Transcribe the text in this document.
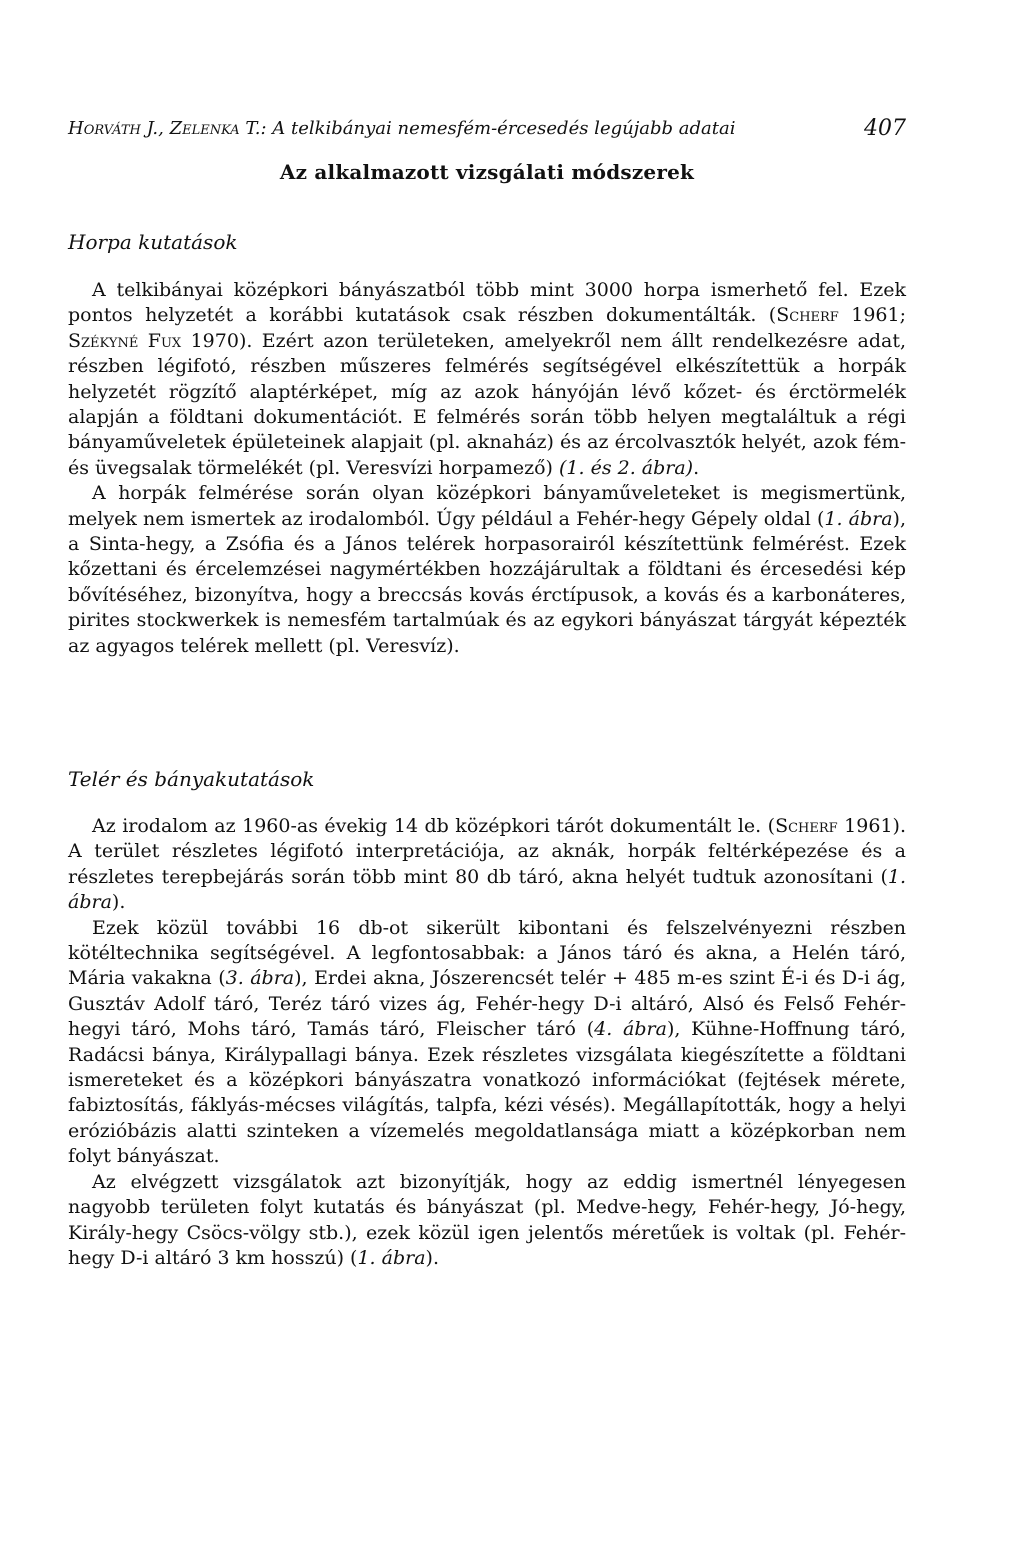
Horváth J., Zelenka T.: A telkibányai nemesfém-ércesedés legújabb adatai	407
Az alkalmazott vizsgálati módszerek
Horpa kutatások

A telkibányai középkori bányászatból több mint 3000 horpa ismerhető fel. Ezek pontos helyzetét a korábbi kutatások csak részben dokumentálták. (Scherf 1961; Székyné Fux 1970). Ezért azon területeken, amelyekről nem állt rendelkezésre adat, részben légifotó, részben műszeres felmérés segítségével elkészítettük a horpák helyzetét rögzítő alaptérképet, míg az azok hányóján lévő kőzet- és érctörmelék alapján a földtani dokumentációt. E felmérés során több helyen megtaláltuk a régi bányaműveletek épületeinek alapjait (pl. aknaház) és az ércolvasztók helyét, azok fém- és üvegsalak törmelékét (pl. Veresvízi horpamező) (1. és 2. ábra).

A horpák felmérése során olyan középkori bányaműveleteket is megismertünk, melyek nem ismertek az irodalomból. Úgy például a Fehér-hegy Gépely oldal (1. ábra), a Sinta-hegy, a Zsófia és a János telérek horpasorairól készítettünk felmérést. Ezek kőzettani és ércelemzései nagymértékben hozzájárultak a földtani és ércesedési kép bővítéséhez, bizonyítva, hogy a breccsás kovás érctípusok, a kovás és a karbonáteres, pirites stockwerkek is nemesfém tartalmúak és az egykori bányászat tárgyát képezték az agyagos telérek mellett (pl. Veresvíz).

Telér és bányakutatások

Az irodalom az 1960-as évekig 14 db középkori tárót dokumentált le. (Scherf 1961). A terület részletes légifotó interpretációja, az aknák, horpák feltérképezése és a részletes terepbejárás során több mint 80 db táró, akna helyét tudtuk azonosítani (1. ábra).

Ezek közül további 16 db-ot sikerült kibontani és felszelvényezni részben kötéltechnika segítségével. A legfontosabbak: a János táró és akna, a Helén táró, Mária vakakna (3. ábra), Erdei akna, Jószerencsét telér + 485 m-es szint É-i és D-i ág, Gusztáv Adolf táró, Teréz táró vizes ág, Fehér-hegy D-i altáró, Alsó és Felső Fehér-hegyi táró, Mohs táró, Tamás táró, Fleischer táró (4. ábra), Kühne-Hoffnung táró, Radácsi bánya, Királypallagi bánya. Ezek részletes vizsgálata kiegészítette a földtani ismereteket és a középkori bányászatra vonatkozó információkat (fejtések mérete, fabiztosítás, fáklyás-mécses világítás, talpfa, kézi vésés). Megállapították, hogy a helyi erózióbázis alatti szinteken a vízemelés megoldatlansága miatt a középkorban nem folyt bányászat.

Az elvégzett vizsgálatok azt bizonyítják, hogy az eddig ismertnél lényegesen nagyobb területen folyt kutatás és bányászat (pl. Medve-hegy, Fehér-hegy, Jó-hegy, Király-hegy Csöcs-völgy stb.), ezek közül igen jelentős méretűek is voltak (pl. Fehér-hegy D-i altáró 3 km hosszú) (1. ábra).
